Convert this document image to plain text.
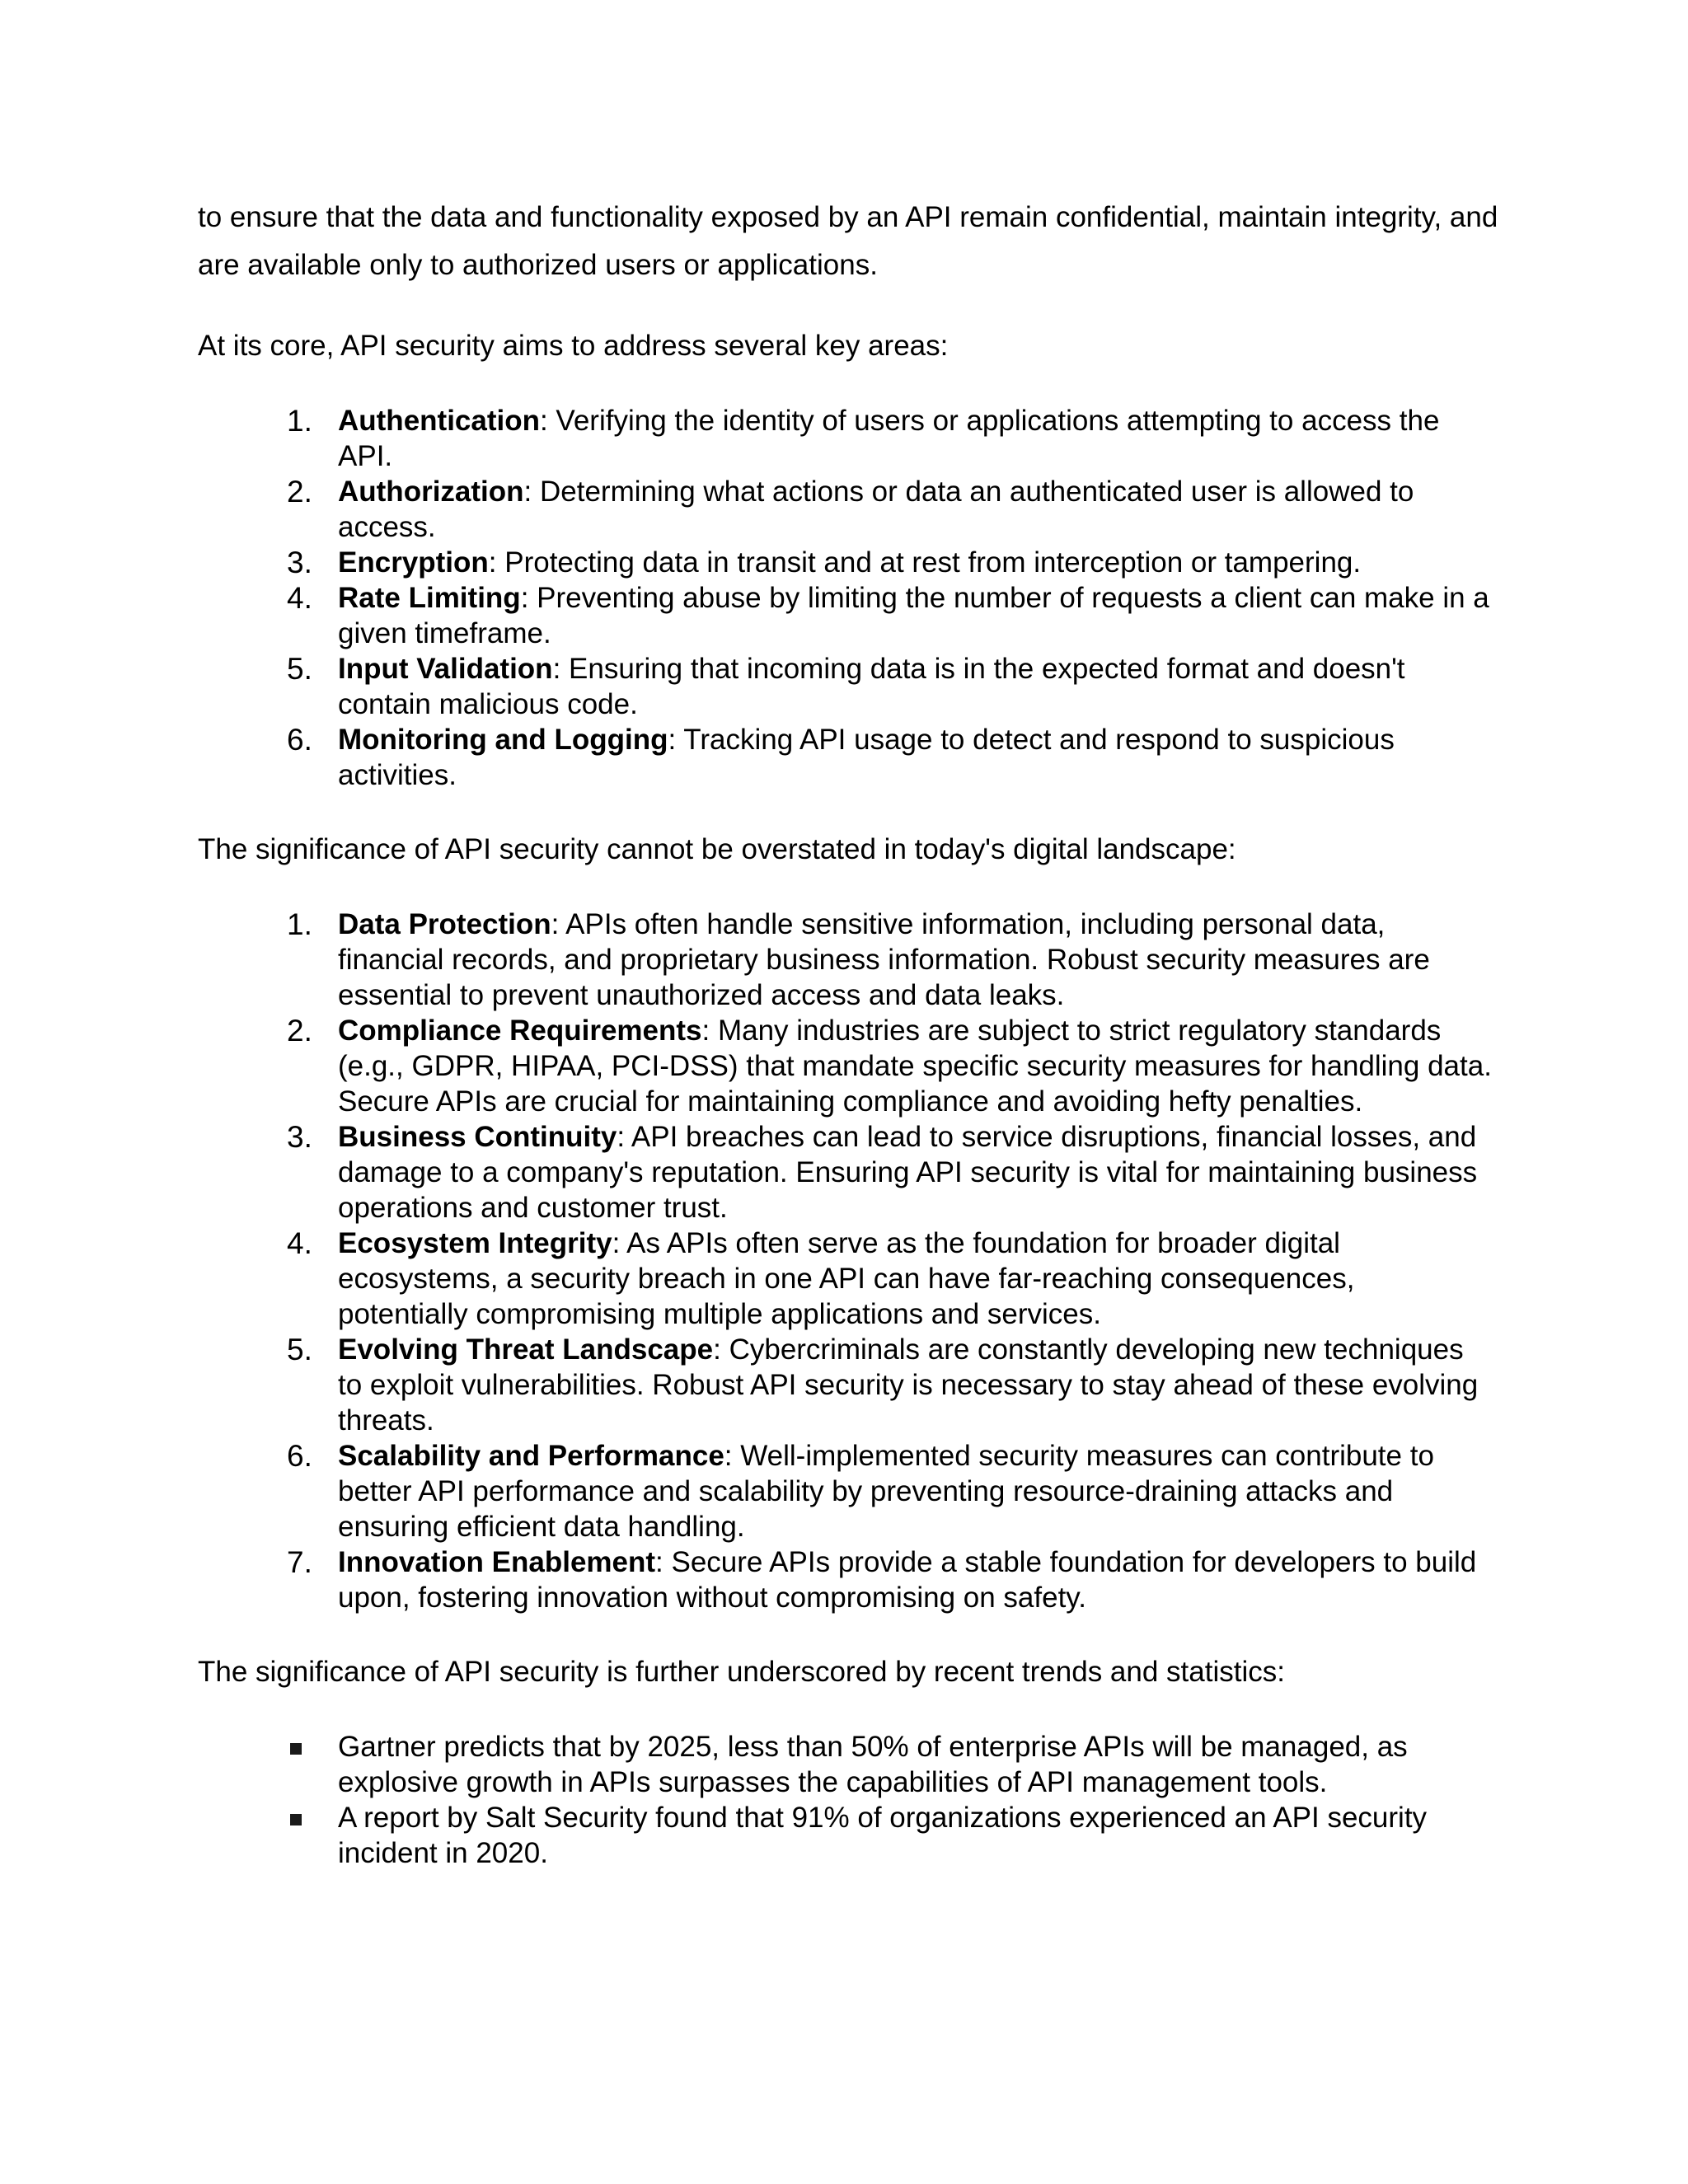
to ensure that the data and functionality exposed by an API remain confidential, maintain integrity, and are available only to authorized users or applications.

At its core, API security aims to address several key areas:

1. Authentication: Verifying the identity of users or applications attempting to access the API.
2. Authorization: Determining what actions or data an authenticated user is allowed to access.
3. Encryption: Protecting data in transit and at rest from interception or tampering.
4. Rate Limiting: Preventing abuse by limiting the number of requests a client can make in a given timeframe.
5. Input Validation: Ensuring that incoming data is in the expected format and doesn't contain malicious code.
6. Monitoring and Logging: Tracking API usage to detect and respond to suspicious activities.

The significance of API security cannot be overstated in today's digital landscape:

1. Data Protection: APIs often handle sensitive information, including personal data, financial records, and proprietary business information. Robust security measures are essential to prevent unauthorized access and data leaks.
2. Compliance Requirements: Many industries are subject to strict regulatory standards (e.g., GDPR, HIPAA, PCI-DSS) that mandate specific security measures for handling data. Secure APIs are crucial for maintaining compliance and avoiding hefty penalties.
3. Business Continuity: API breaches can lead to service disruptions, financial losses, and damage to a company's reputation. Ensuring API security is vital for maintaining business operations and customer trust.
4. Ecosystem Integrity: As APIs often serve as the foundation for broader digital ecosystems, a security breach in one API can have far-reaching consequences, potentially compromising multiple applications and services.
5. Evolving Threat Landscape: Cybercriminals are constantly developing new techniques to exploit vulnerabilities. Robust API security is necessary to stay ahead of these evolving threats.
6. Scalability and Performance: Well-implemented security measures can contribute to better API performance and scalability by preventing resource-draining attacks and ensuring efficient data handling.
7. Innovation Enablement: Secure APIs provide a stable foundation for developers to build upon, fostering innovation without compromising on safety.

The significance of API security is further underscored by recent trends and statistics:

Gartner predicts that by 2025, less than 50% of enterprise APIs will be managed, as explosive growth in APIs surpasses the capabilities of API management tools.
A report by Salt Security found that 91% of organizations experienced an API security incident in 2020.
